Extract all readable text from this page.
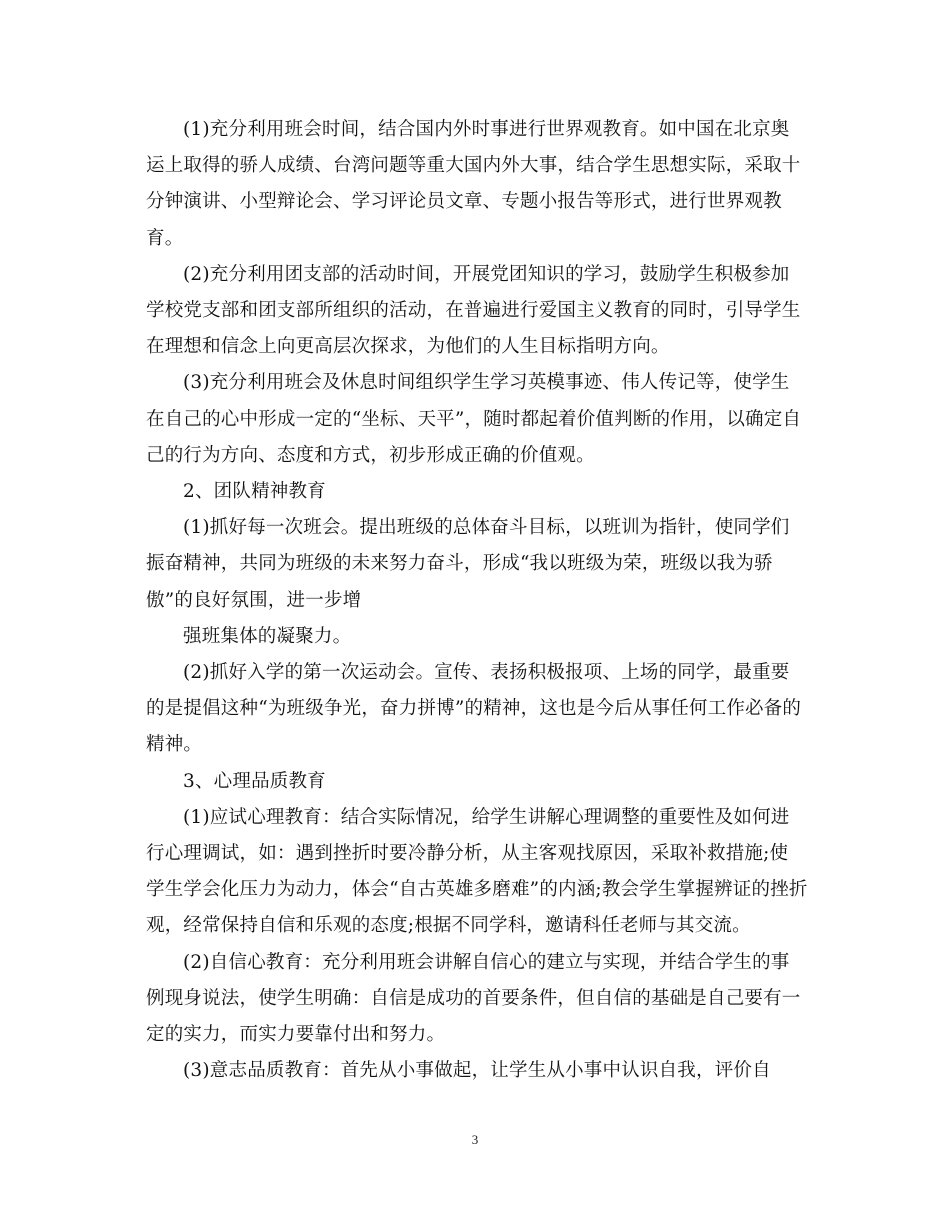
(1)充分利用班会时间，结合国内外时事进行世界观教育。如中国在北京奥
运上取得的骄人成绩、台湾问题等重大国内外大事，结合学生思想实际，采取十
分钟演讲、小型辩论会、学习评论员文章、专题小报告等形式，进行世界观教
育。

(2)充分利用团支部的活动时间，开展党团知识的学习，鼓励学生积极参加
学校党支部和团支部所组织的活动，在普遍进行爱国主义教育的同时，引导学生
在理想和信念上向更高层次探求，为他们的人生目标指明方向。

(3)充分利用班会及休息时间组织学生学习英模事迹、伟人传记等，使学生
在自己的心中形成一定的“坐标、天平”，随时都起着价值判断的作用，以确定自
己的行为方向、态度和方式，初步形成正确的价值观。

2、团队精神教育

(1)抓好每一次班会。提出班级的总体奋斗目标，以班训为指针，使同学们
振奋精神，共同为班级的未来努力奋斗，形成“我以班级为荣，班级以我为骄
傲”的良好氛围，进一步增

强班集体的凝聚力。

(2)抓好入学的第一次运动会。宣传、表扬积极报项、上场的同学，最重要
的是提倡这种“为班级争光，奋力拼博”的精神，这也是今后从事任何工作必备的
精神。

3、心理品质教育

(1)应试心理教育：结合实际情况，给学生讲解心理调整的重要性及如何进
行心理调试，如：遇到挫折时要冷静分析，从主客观找原因，采取补救措施;使
学生学会化压力为动力，体会“自古英雄多磨难”的内涵;教会学生掌握辨证的挫折
观，经常保持自信和乐观的态度;根据不同学科，邀请科任老师与其交流。

(2)自信心教育：充分利用班会讲解自信心的建立与实现，并结合学生的事
例现身说法，使学生明确：自信是成功的首要条件，但自信的基础是自己要有一
定的实力，而实力要靠付出和努力。

(3)意志品质教育：首先从小事做起，让学生从小事中认识自我，评价自

3
